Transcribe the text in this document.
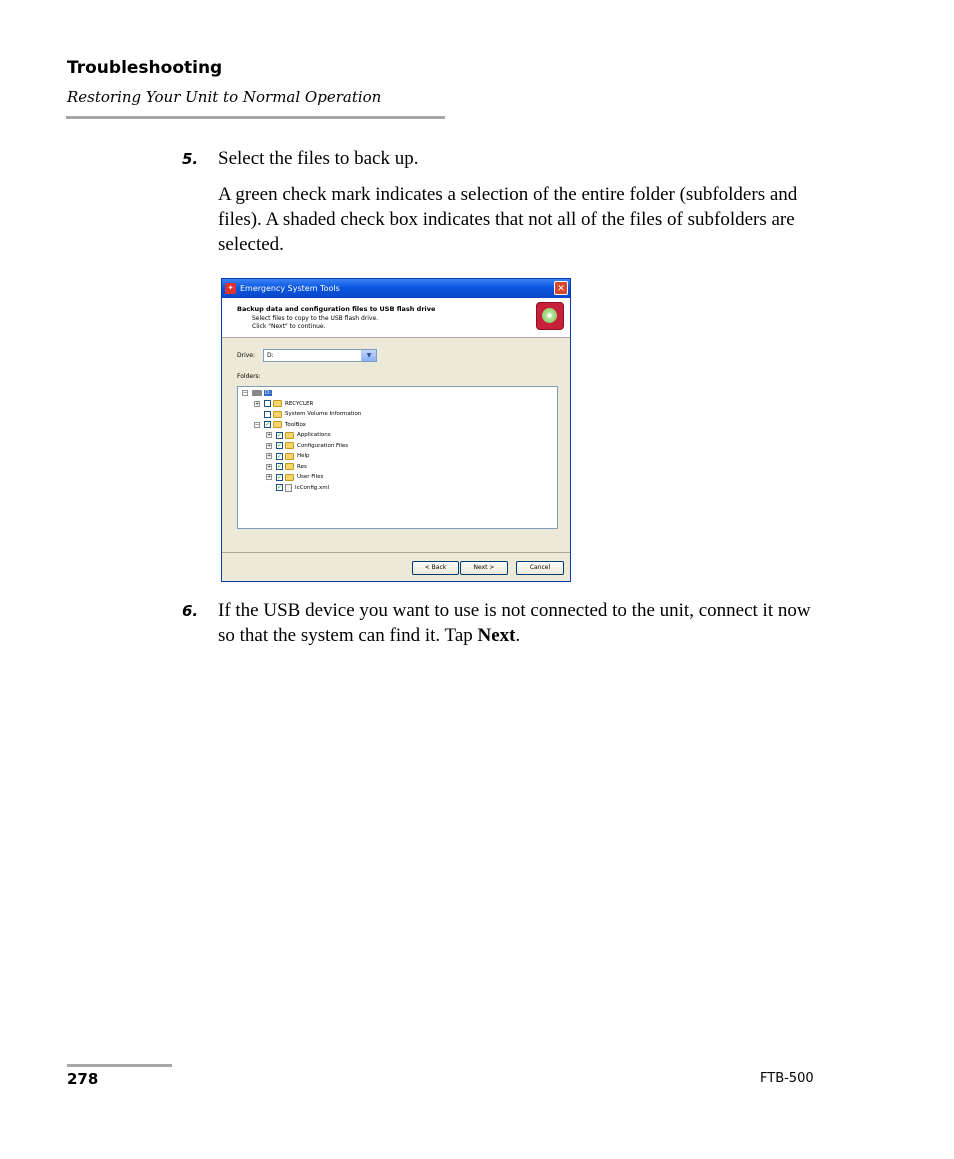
Troubleshooting
Restoring Your Unit to Normal Operation
5. Select the files to back up.
A green check mark indicates a selection of the entire folder (subfolders and files). A shaded check box indicates that not all of the files of subfolders are selected.
✦ Emergency System Tools	✕
Backup data and configuration files to USB flash drive
Select files to copy to the USB flash drive.
Click "Next" to continue.
Drive:	D:	▼
Folders:
−	D:
+	RECYCLER
·	System Volume Information
− ✓	ToolBox
+ ✓	Applications
+ ✓	Configuration Files
+ ✓	Help
+ ✓	Res
+ ✓	User Files
·	✓ IcConfig.xml
< Back	Next >	Cancel
6. If the USB device you want to use is not connected to the unit, connect it now so that the system can find it. Tap Next.
278	FTB-500
